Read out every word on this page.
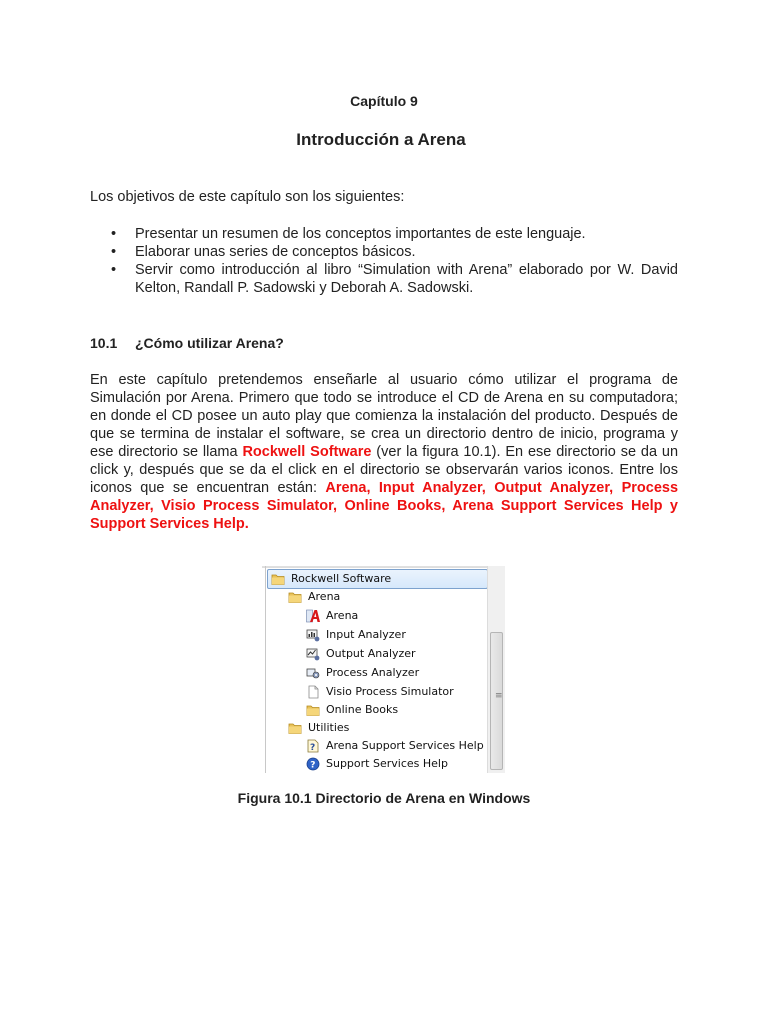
Capítulo 9
Introducción a Arena
Los objetivos de este capítulo son los siguientes:
• Presentar un resumen de los conceptos importantes de este lenguaje.
• Elaborar unas series de conceptos básicos.
• Servir como introducción al libro “Simulation with Arena” elaborado por W. David Kelton, Randall P. Sadowski y Deborah A. Sadowski.
10.1 ¿Cómo utilizar Arena?
En este capítulo pretendemos enseñarle al usuario cómo utilizar el programa de Simulación por Arena. Primero que todo se introduce el CD de Arena en su computadora; en donde el CD posee un auto play que comienza la instalación del producto. Después de que se termina de instalar el software, se crea un directorio dentro de inicio, programa y ese directorio se llama Rockwell Software (ver la figura 10.1). En ese directorio se da un click y, después que se da el click en el directorio se observarán varios iconos. Entre los iconos que se encuentran están: Arena, Input Analyzer, Output Analyzer, Process Analyzer, Visio Process Simulator, Online Books, Arena Support Services Help y Support Services Help.
Rockwell Software
Arena
Arena
Input Analyzer
Output Analyzer
Process Analyzer
Visio Process Simulator
Online Books
Utilities
? Arena Support Services Help
? Support Services Help
≡
Figura 10.1 Directorio de Arena en Windows
